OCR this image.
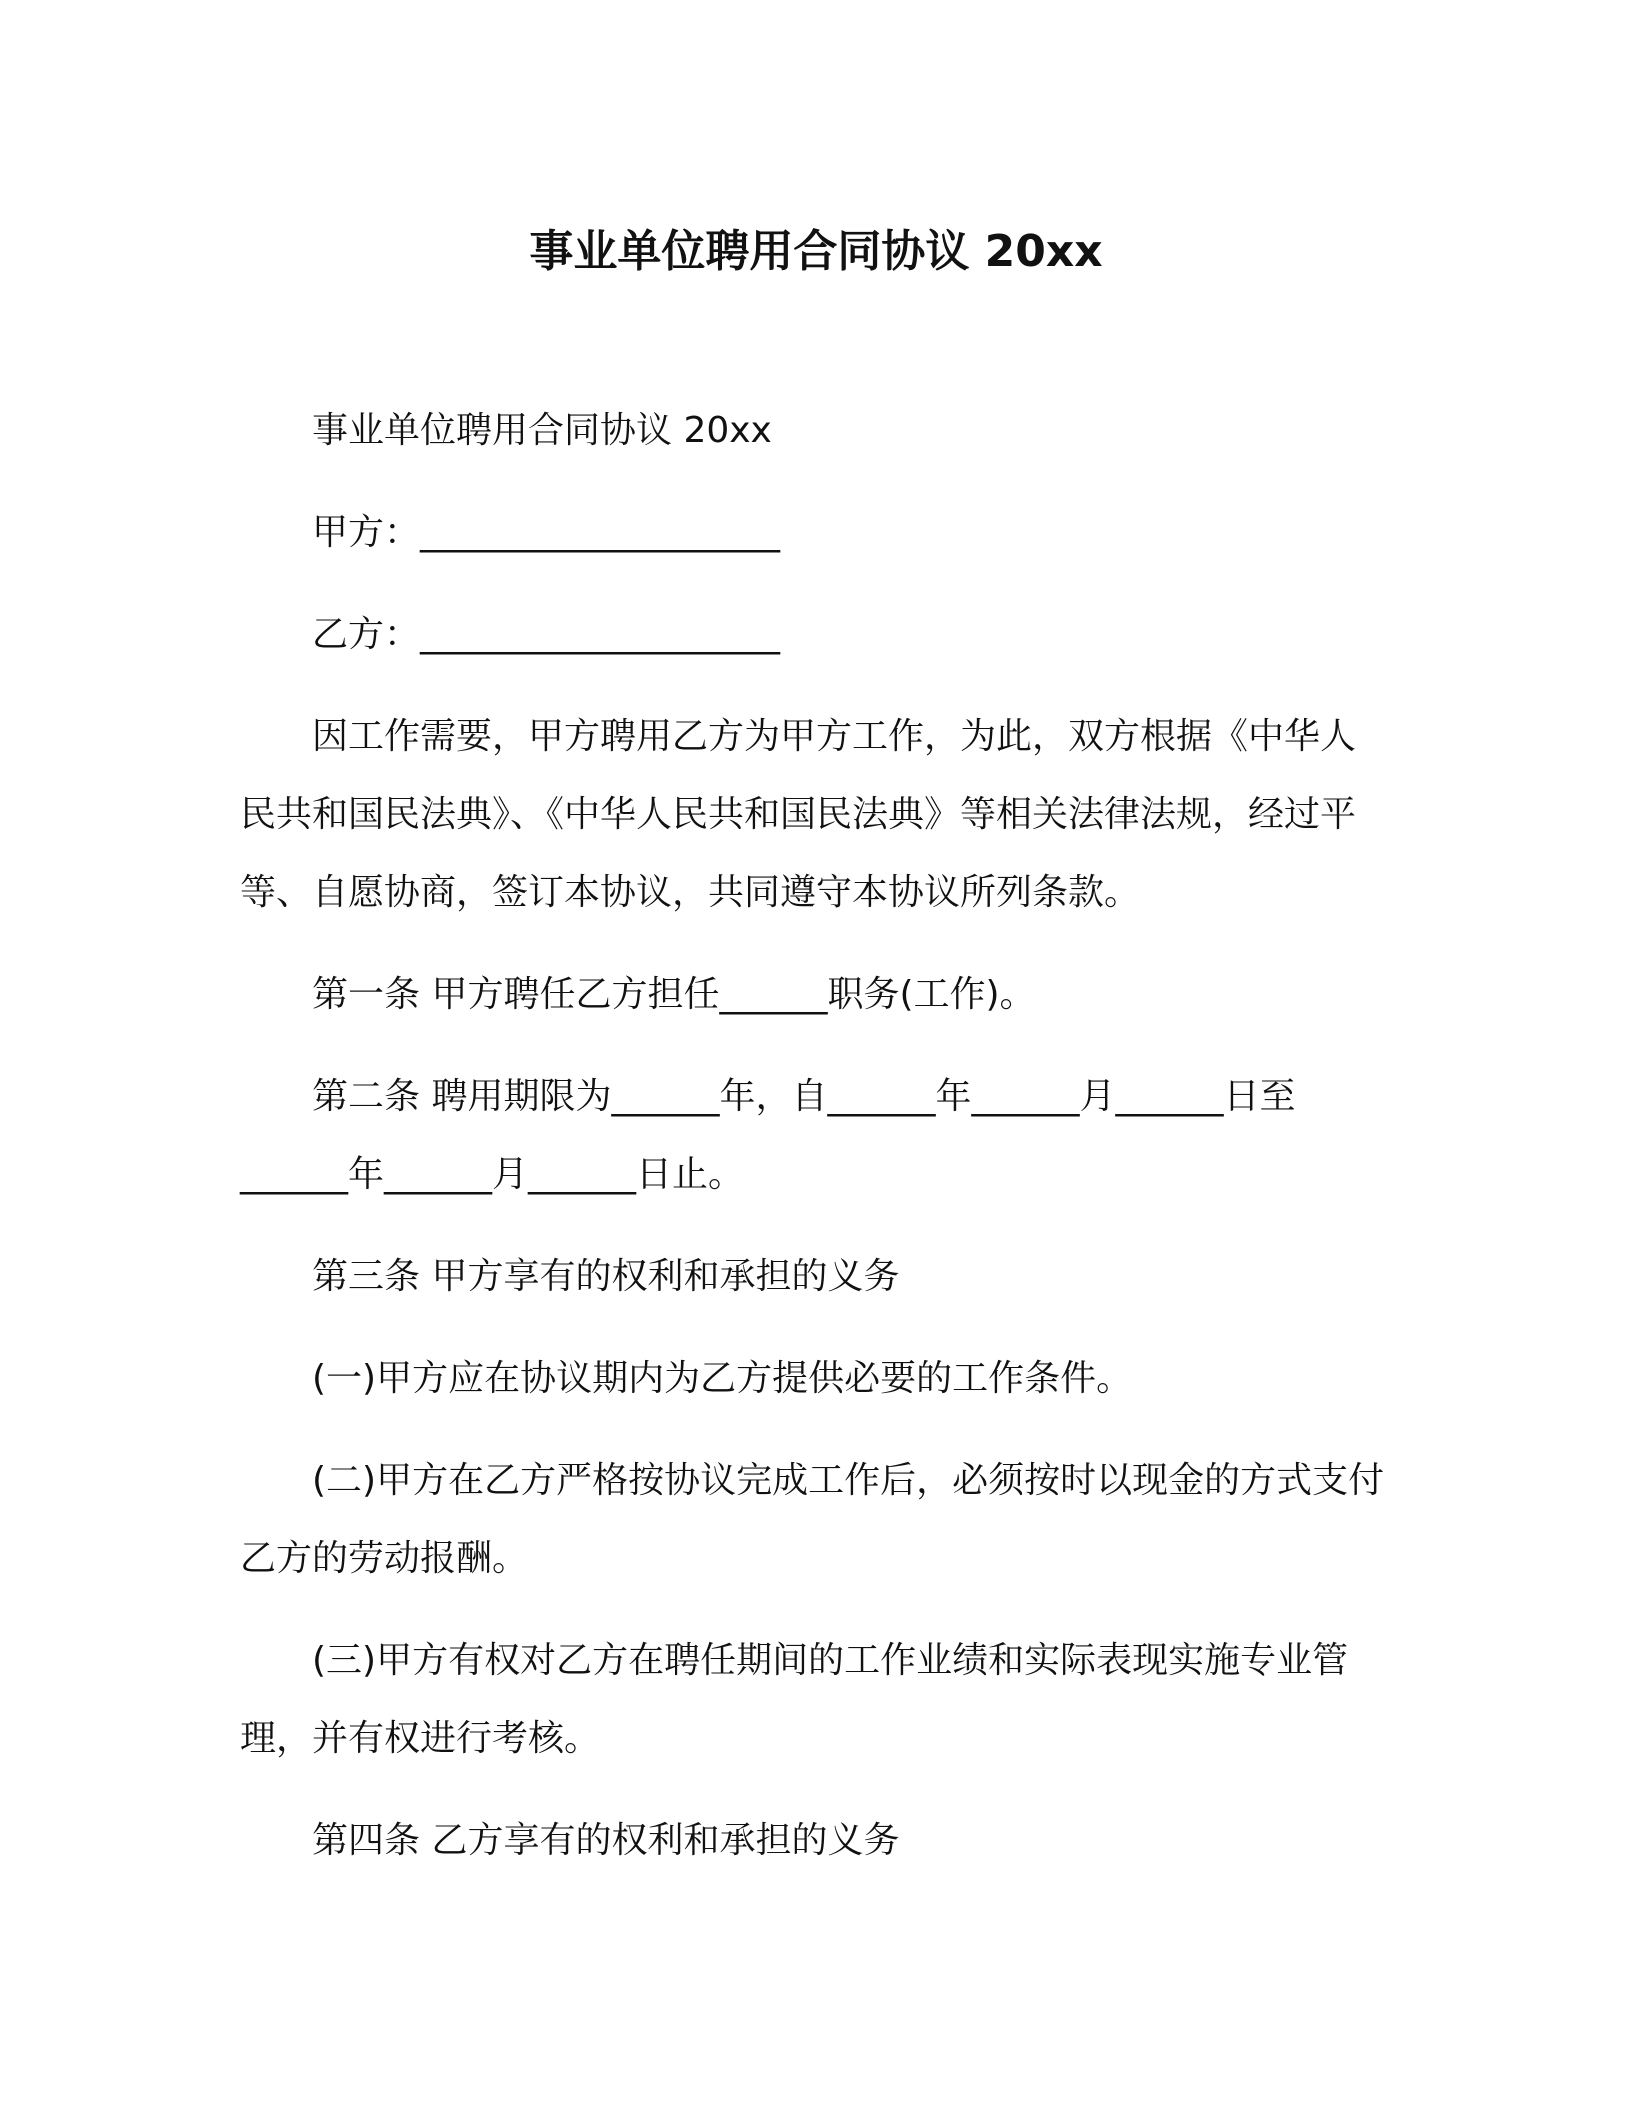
事业单位聘用合同协议 20xx

事业单位聘用合同协议 20xx

甲方：____________________

乙方：____________________

因工作需要，甲方聘用乙方为甲方工作，为此，双方根据《中华人民共和国民法典》、《中华人民共和国民法典》等相关法律法规，经过平等、自愿协商，签订本协议，共同遵守本协议所列条款。

第一条 甲方聘任乙方担任______职务(工作)。

第二条 聘用期限为______年，自______年______月______日至______年______月______日止。

第三条 甲方享有的权利和承担的义务

(一)甲方应在协议期内为乙方提供必要的工作条件。

(二)甲方在乙方严格按协议完成工作后，必须按时以现金的方式支付乙方的劳动报酬。

(三)甲方有权对乙方在聘任期间的工作业绩和实际表现实施专业管理，并有权进行考核。

第四条 乙方享有的权利和承担的义务
